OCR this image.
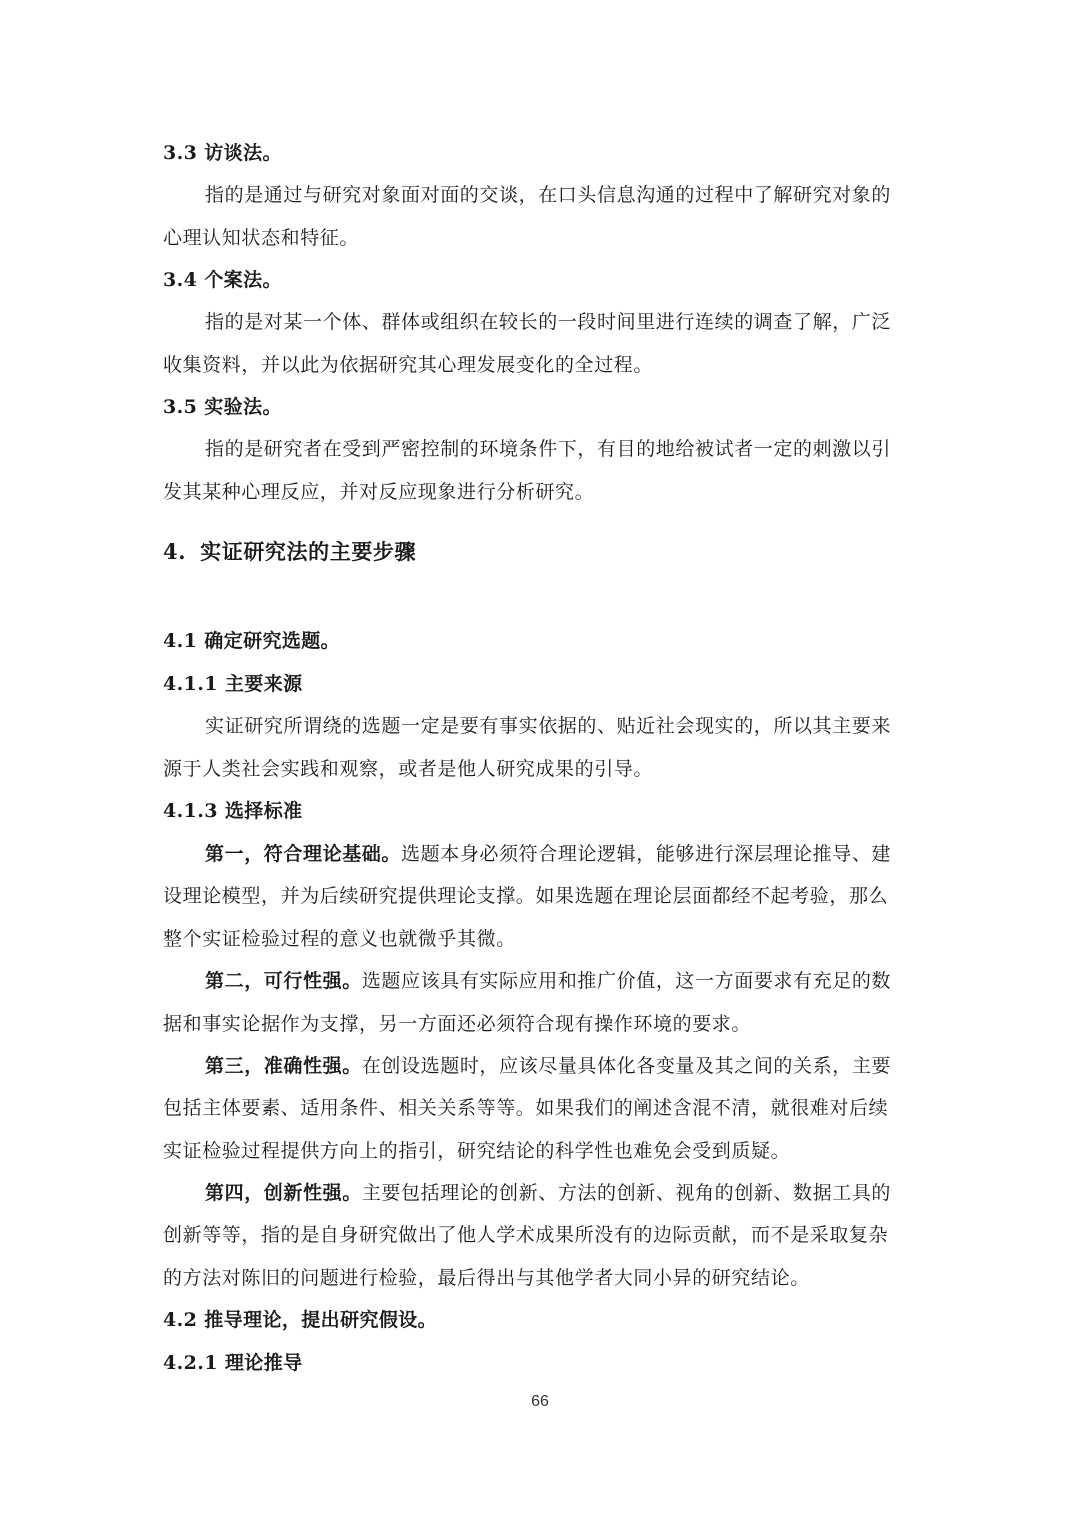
3.3 访谈法。
指的是通过与研究对象面对面的交谈，在口头信息沟通的过程中了解研究对象的
心理认知状态和特征。
3.4 个案法。
指的是对某一个体、群体或组织在较长的一段时间里进行连续的调查了解，广泛
收集资料，并以此为依据研究其心理发展变化的全过程。
3.5 实验法。
指的是研究者在受到严密控制的环境条件下，有目的地给被试者一定的刺激以引
发其某种心理反应，并对反应现象进行分析研究。
4. 实证研究法的主要步骤
4.1 确定研究选题。
4.1.1 主要来源
实证研究所谓绕的选题一定是要有事实依据的、贴近社会现实的，所以其主要来
源于人类社会实践和观察，或者是他人研究成果的引导。
4.1.3 选择标准
第一，符合理论基础。选题本身必须符合理论逻辑，能够进行深层理论推导、建
设理论模型，并为后续研究提供理论支撑。如果选题在理论层面都经不起考验，那么
整个实证检验过程的意义也就微乎其微。
第二，可行性强。选题应该具有实际应用和推广价值，这一方面要求有充足的数
据和事实论据作为支撑，另一方面还必须符合现有操作环境的要求。
第三，准确性强。在创设选题时，应该尽量具体化各变量及其之间的关系，主要
包括主体要素、适用条件、相关关系等等。如果我们的阐述含混不清，就很难对后续
实证检验过程提供方向上的指引，研究结论的科学性也难免会受到质疑。
第四，创新性强。主要包括理论的创新、方法的创新、视角的创新、数据工具的
创新等等，指的是自身研究做出了他人学术成果所没有的边际贡献，而不是采取复杂
的方法对陈旧的问题进行检验，最后得出与其他学者大同小异的研究结论。
4.2 推导理论，提出研究假设。
4.2.1 理论推导
66
